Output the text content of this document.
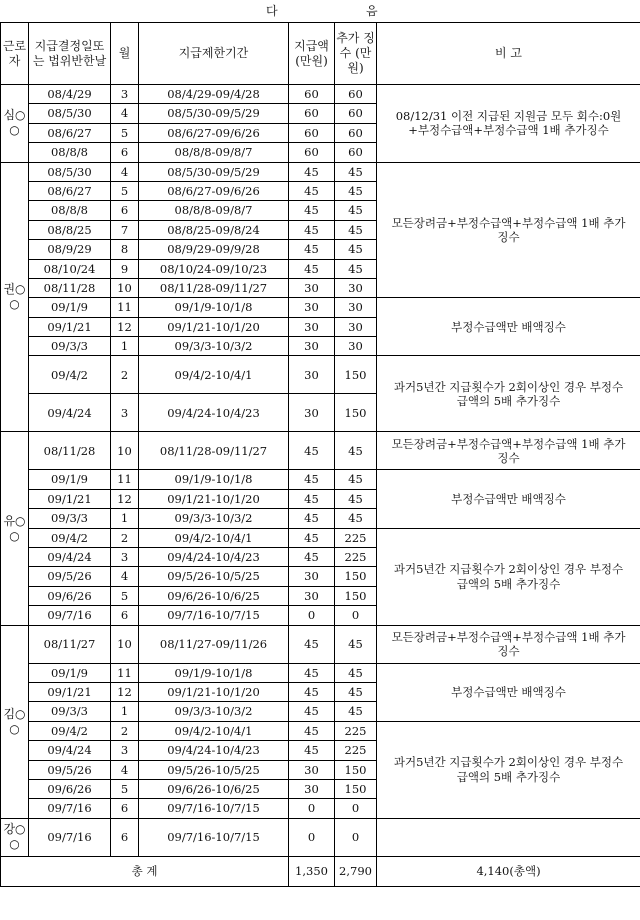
다	음
근로자	지급결정일또는 법위반한날	월	지급제한기간	지급액 (만원)	추가 징수 (만원)	비 고
심○○	08/4/29	3	08/4/29-09/4/28	60	60	08/12/31 이전 지급된 지원금 모두 회수:0원+부정수급액+부정수급액 1배 추가징수
	08/5/30	4	08/5/30-09/5/29	60	60	
	08/6/27	5	08/6/27-09/6/26	60	60	
	08/8/8	6	08/8/8-09/8/7	60	60	
권○○	08/5/30	4	08/5/30-09/5/29	45	45	모든장려금+부정수급액+부정수급액 1배 추가징수
	08/6/27	5	08/6/27-09/6/26	45	45	
	08/8/8	6	08/8/8-09/8/7	45	45	
	08/8/25	7	08/8/25-09/8/24	45	45	
	08/9/29	8	08/9/29-09/9/28	45	45	
	08/10/24	9	08/10/24-09/10/23	45	45	
	08/11/28	10	08/11/28-09/11/27	30	30	
	09/1/9	11	09/1/9-10/1/8	30	30	부정수급액만 배액징수
	09/1/21	12	09/1/21-10/1/20	30	30	
	09/3/3	1	09/3/3-10/3/2	30	30	
	09/4/2	2	09/4/2-10/4/1	30	150	과거5년간 지급횟수가 2회이상인 경우 부정수급액의 5배 추가징수
	09/4/24	3	09/4/24-10/4/23	30	150	
유○○	08/11/28	10	08/11/28-09/11/27	45	45	모든장려금+부정수급액+부정수급액 1배 추가징수
	09/1/9	11	09/1/9-10/1/8	45	45	부정수급액만 배액징수
	09/1/21	12	09/1/21-10/1/20	45	45	
	09/3/3	1	09/3/3-10/3/2	45	45	
	09/4/2	2	09/4/2-10/4/1	45	225	과거5년간 지급횟수가 2회이상인 경우 부정수급액의 5배 추가징수
	09/4/24	3	09/4/24-10/4/23	45	225	
	09/5/26	4	09/5/26-10/5/25	30	150	
	09/6/26	5	09/6/26-10/6/25	30	150	
	09/7/16	6	09/7/16-10/7/15	0	0	
김○○	08/11/27	10	08/11/27-09/11/26	45	45	모든장려금+부정수급액+부정수급액 1배 추가징수
	09/1/9	11	09/1/9-10/1/8	45	45	부정수급액만 배액징수
	09/1/21	12	09/1/21-10/1/20	45	45	
	09/3/3	1	09/3/3-10/3/2	45	45	
	09/4/2	2	09/4/2-10/4/1	45	225	과거5년간 지급횟수가 2회이상인 경우 부정수급액의 5배 추가징수
	09/4/24	3	09/4/24-10/4/23	45	225	
	09/5/26	4	09/5/26-10/5/25	30	150	
	09/6/26	5	09/6/26-10/6/25	30	150	
	09/7/16	6	09/7/16-10/7/15	0	0	
강○○	09/7/16	6	09/7/16-10/7/15	0	0	
총 계				1,350	2,790	4,140(총액)
